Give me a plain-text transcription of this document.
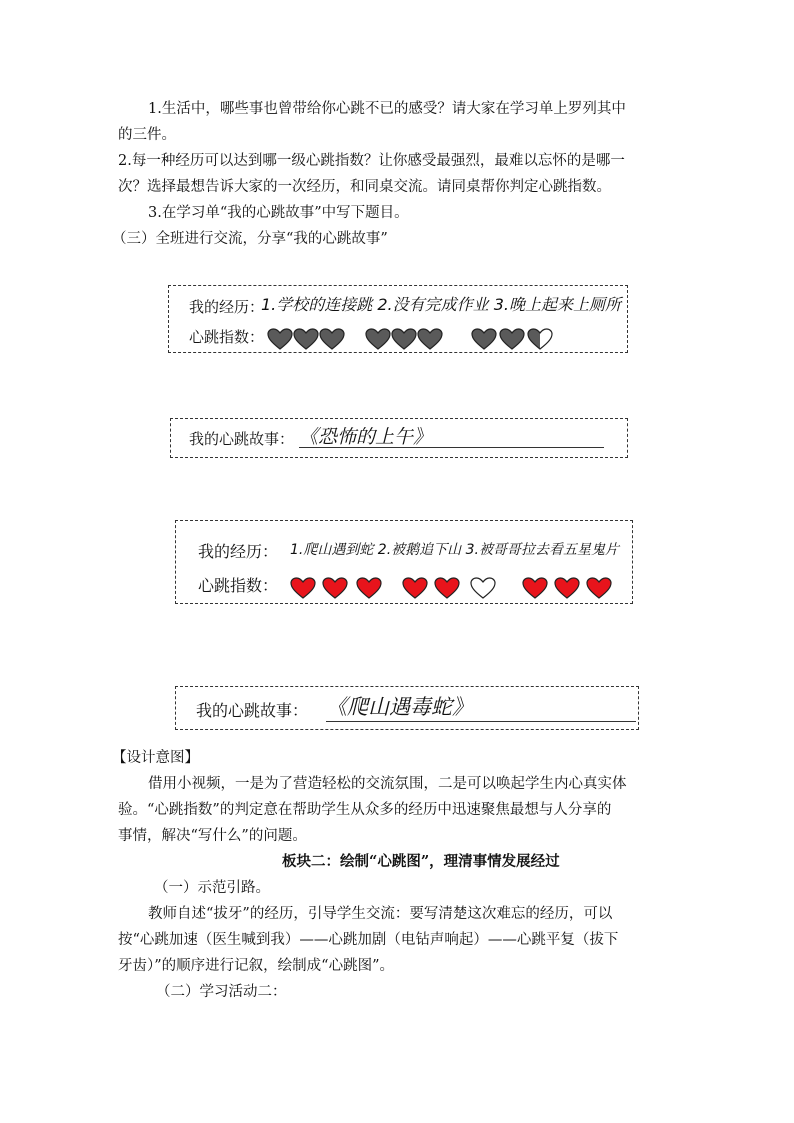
1.生活中，哪些事也曾带给你心跳不已的感受？请大家在学习单上罗列其中

的三件。

2.每一种经历可以达到哪一级心跳指数？让你感受最强烈，最难以忘怀的是哪一

次？选择最想告诉大家的一次经历，和同桌交流。请同桌帮你判定心跳指数。

3.在学习单“我的心跳故事”中写下题目。

（三）全班进行交流，分享“我的心跳故事”

我的经历：
1.学校的连接跳 2.没有完成作业 3.晚上起来上厕所
心跳指数：
我的心跳故事： 《恐怖的上午》
我的经历： 1.爬山遇到蛇 2.被鹅追下山 3.被哥哥拉去看五星鬼片
心跳指数：
我的心跳故事： 《爬山遇毒蛇》

【设计意图】

借用小视频，一是为了营造轻松的交流氛围，二是可以唤起学生内心真实体

验。“心跳指数”的判定意在帮助学生从众多的经历中迅速聚焦最想与人分享的

事情，解决“写什么”的问题。

板块二：绘制“心跳图”，理清事情发展经过

（一）示范引路。

教师自述“拔牙”的经历，引导学生交流：要写清楚这次难忘的经历，可以

按“心跳加速（医生喊到我）——心跳加剧（电钻声响起）——心跳平复（拔下

牙齿）”的顺序进行记叙，绘制成“心跳图”。

（二）学习活动二：
